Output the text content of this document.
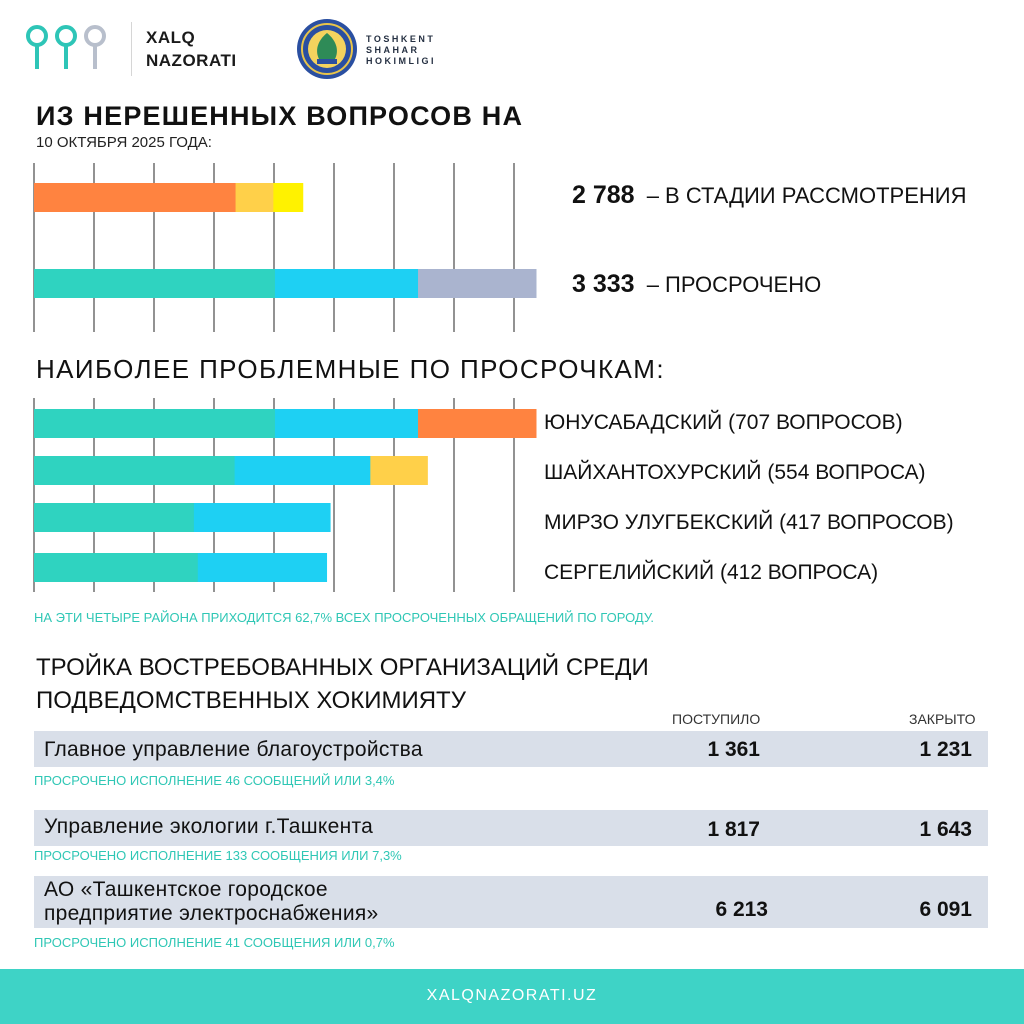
XALQ
NAZORATI
TOSHKENT
SHAHAR
HOKIMLIGI
ИЗ НЕРЕШЕННЫХ ВОПРОСОВ НА
10 ОКТЯБРЯ 2025 ГОДА:
2 788 – В СТАДИИ РАССМОТРЕНИЯ
3 333 – ПРОСРОЧЕНО
НАИБОЛЕЕ ПРОБЛЕМНЫЕ ПО ПРОСРОЧКАМ:
ЮНУСАБАДСКИЙ (707 ВОПРОСОВ)
ШАЙХАНТОХУРСКИЙ (554 ВОПРОСА)
МИРЗО УЛУГБЕКСКИЙ (417 ВОПРОСОВ)
СЕРГЕЛИЙСКИЙ (412 ВОПРОСА)
НА ЭТИ ЧЕТЫРЕ РАЙОНА ПРИХОДИТСЯ 62,7% ВСЕХ ПРОСРОЧЕННЫХ ОБРАЩЕНИЙ ПО ГОРОДУ.
ТРОЙКА ВОСТРЕБОВАННЫХ ОРГАНИЗАЦИЙ СРЕДИ
ПОДВЕДОМСТВЕННЫХ ХОКИМИЯТУ
ПОСТУПИЛО	ЗАКРЫТО
Главное управление благоустройства	1 361	1 231
ПРОСРОЧЕНО ИСПОЛНЕНИЕ 46 СООБЩЕНИЙ ИЛИ 3,4%
Управление экологии г.Ташкента	1 817	1 643
ПРОСРОЧЕНО ИСПОЛНЕНИЕ 133 СООБЩЕНИЯ ИЛИ 7,3%
АО «Ташкентское городское
предприятие электроснабжения»	6 213	6 091
ПРОСРОЧЕНО ИСПОЛНЕНИЕ 41 СООБЩЕНИЯ ИЛИ 0,7%
XALQNAZORATI.UZ
